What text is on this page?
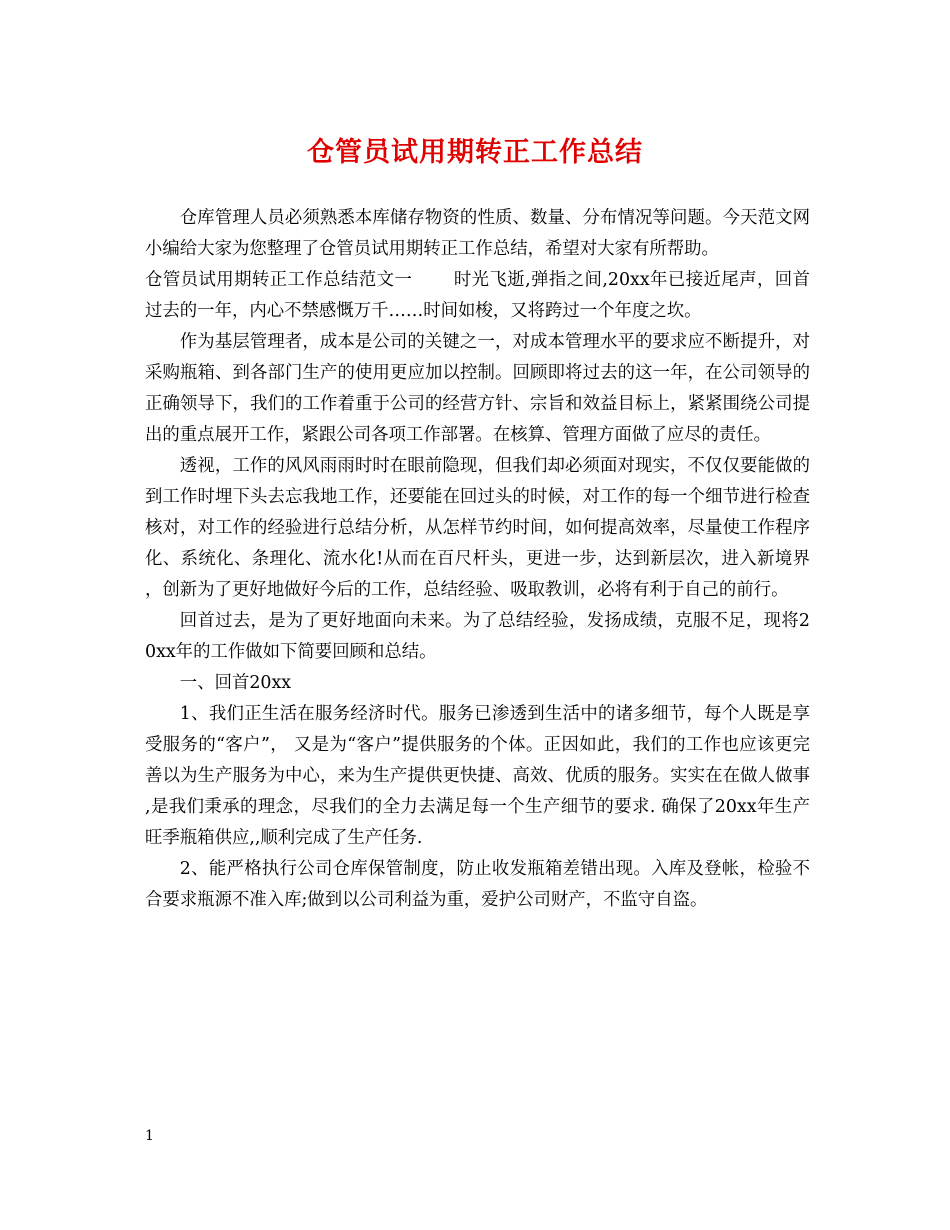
仓管员试用期转正工作总结

仓库管理人员必须熟悉本库储存物资的性质、数量、分布情况等问题。今天范文网小编给大家为您整理了仓管员试用期转正工作总结，希望对大家有所帮助。

仓管员试用期转正工作总结范文一　　 时光飞逝,弹指之间,20xx年已接近尾声，回首过去的一年，内心不禁感慨万千……时间如梭，又将跨过一个年度之坎。

作为基层管理者，成本是公司的关键之一，对成本管理水平的要求应不断提升，对采购瓶箱、到各部门生产的使用更应加以控制。回顾即将过去的这一年，在公司领导的正确领导下，我们的工作着重于公司的经营方针、宗旨和效益目标上，紧紧围绕公司提出的重点展开工作，紧跟公司各项工作部署。在核算、管理方面做了应尽的责任。

透视，工作的风风雨雨时时在眼前隐现，但我们却必须面对现实，不仅仅要能做的到工作时埋下头去忘我地工作，还要能在回过头的时候，对工作的每一个细节进行检查核对，对工作的经验进行总结分析，从怎样节约时间，如何提高效率，尽量使工作程序化、系统化、条理化、流水化!从而在百尺杆头，更进一步，达到新层次，进入新境界，创新为了更好地做好今后的工作，总结经验、吸取教训，必将有利于自己的前行。

回首过去，是为了更好地面向未来。为了总结经验，发扬成绩，克服不足，现将20xx年的工作做如下简要回顾和总结。

一、回首20xx

1、我们正生活在服务经济时代。服务已渗透到生活中的诸多细节，每个人既是享受服务的“客户”， 又是为“客户”提供服务的个体。正因如此，我们的工作也应该更完善以为生产服务为中心，来为生产提供更快捷、高效、优质的服务。实实在在做人做事,是我们秉承的理念，尽我们的全力去满足每一个生产细节的要求. 确保了20xx年生产旺季瓶箱供应,,顺利完成了生产任务.

2、能严格执行公司仓库保管制度，防止收发瓶箱差错出现。入库及登帐，检验不合要求瓶源不准入库;做到以公司利益为重，爱护公司财产，不监守自盗。

1
